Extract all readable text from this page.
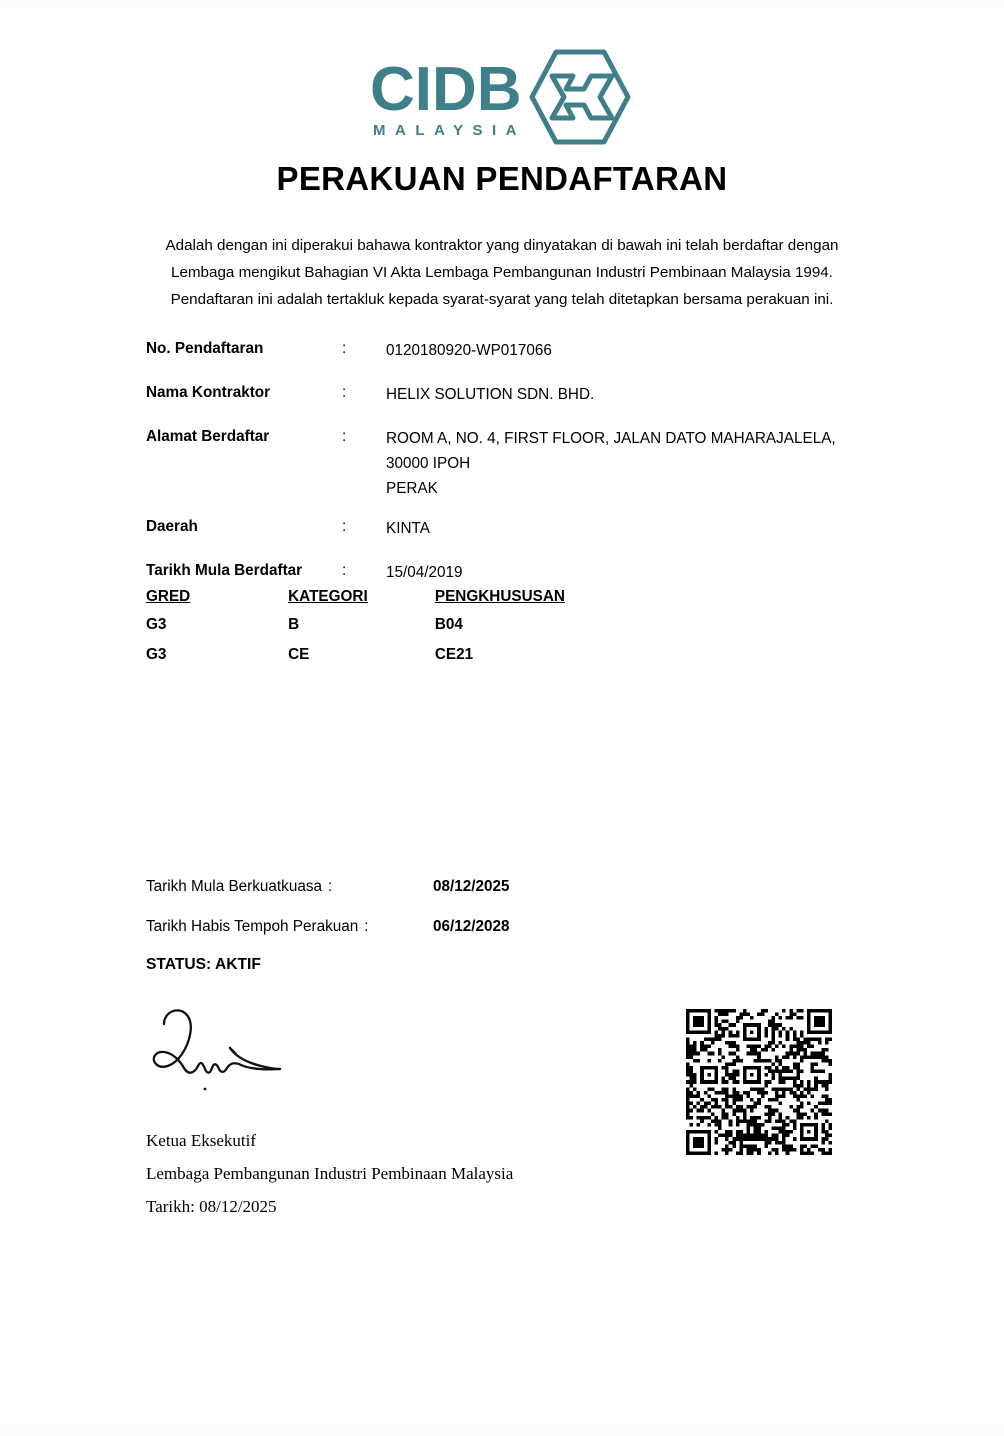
CIDB
MALAYSIA
PERAKUAN PENDAFTARAN
Adalah dengan ini diperakui bahawa kontraktor yang dinyatakan di bawah ini telah berdaftar dengan Lembaga mengikut Bahagian VI Akta Lembaga Pembangunan Industri Pembinaan Malaysia 1994. Pendaftaran ini adalah tertakluk kepada syarat-syarat yang telah ditetapkan bersama perakuan ini.
No. Pendaftaran	:	0120180920-WP017066
Nama Kontraktor	:	HELIX SOLUTION SDN. BHD.
Alamat Berdaftar	:	ROOM A, NO. 4, FIRST FLOOR, JALAN DATO MAHARAJALELA,
30000 IPOH
PERAK
Daerah	:	KINTA
Tarikh Mula Berdaftar	:	15/04/2019
GRED	KATEGORI	PENGKHUSUSAN
G3	B	B04
G3	CE	CE21
Tarikh Mula Berkuatkuasa :	08/12/2025
Tarikh Habis Tempoh Perakuan :	06/12/2028
STATUS: AKTIF
Ketua Eksekutif
Lembaga Pembangunan Industri Pembinaan Malaysia
Tarikh: 08/12/2025
